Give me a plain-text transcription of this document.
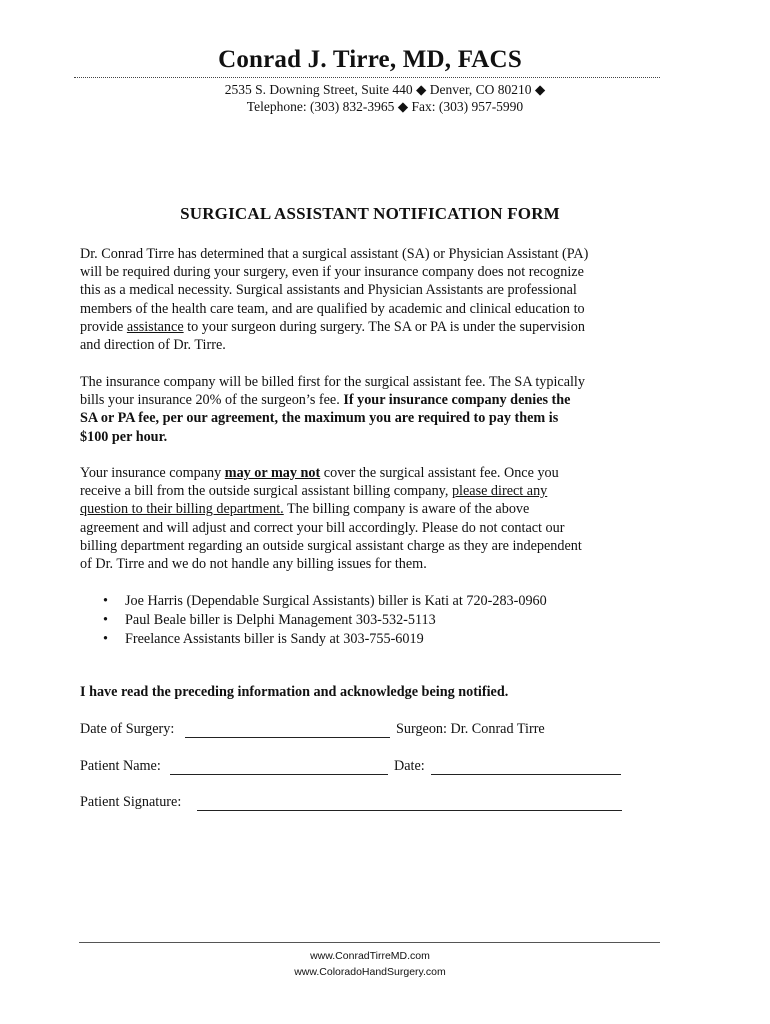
Conrad J. Tirre, MD, FACS
2535 S. Downing Street, Suite 440 ◆ Denver, CO 80210 ◆
Telephone: (303) 832-3965 ◆ Fax: (303) 957-5990
SURGICAL ASSISTANT NOTIFICATION FORM
Dr. Conrad Tirre has determined that a surgical assistant (SA) or Physician Assistant (PA)
will be required during your surgery, even if your insurance company does not recognize
this as a medical necessity. Surgical assistants and Physician Assistants are professional
members of the health care team, and are qualified by academic and clinical education to
provide assistance to your surgeon during surgery. The SA or PA is under the supervision
and direction of Dr. Tirre.
The insurance company will be billed first for the surgical assistant fee. The SA typically
bills your insurance 20% of the surgeon’s fee. If your insurance company denies the
SA or PA fee, per our agreement, the maximum you are required to pay them is
$100 per hour.
Your insurance company may or may not cover the surgical assistant fee. Once you
receive a bill from the outside surgical assistant billing company, please direct any
question to their billing department. The billing company is aware of the above
agreement and will adjust and correct your bill accordingly. Please do not contact our
billing department regarding an outside surgical assistant charge as they are independent
of Dr. Tirre and we do not handle any billing issues for them.
• Joe Harris (Dependable Surgical Assistants) biller is Kati at 720-283-0960
• Paul Beale biller is Delphi Management 303-532-5113
• Freelance Assistants biller is Sandy at 303-755-6019
I have read the preceding information and acknowledge being notified.
Date of Surgery:	Surgeon: Dr. Conrad Tirre
Patient Name:	Date:
Patient Signature:
www.ConradTirreMD.com
www.ColoradoHandSurgery.com
